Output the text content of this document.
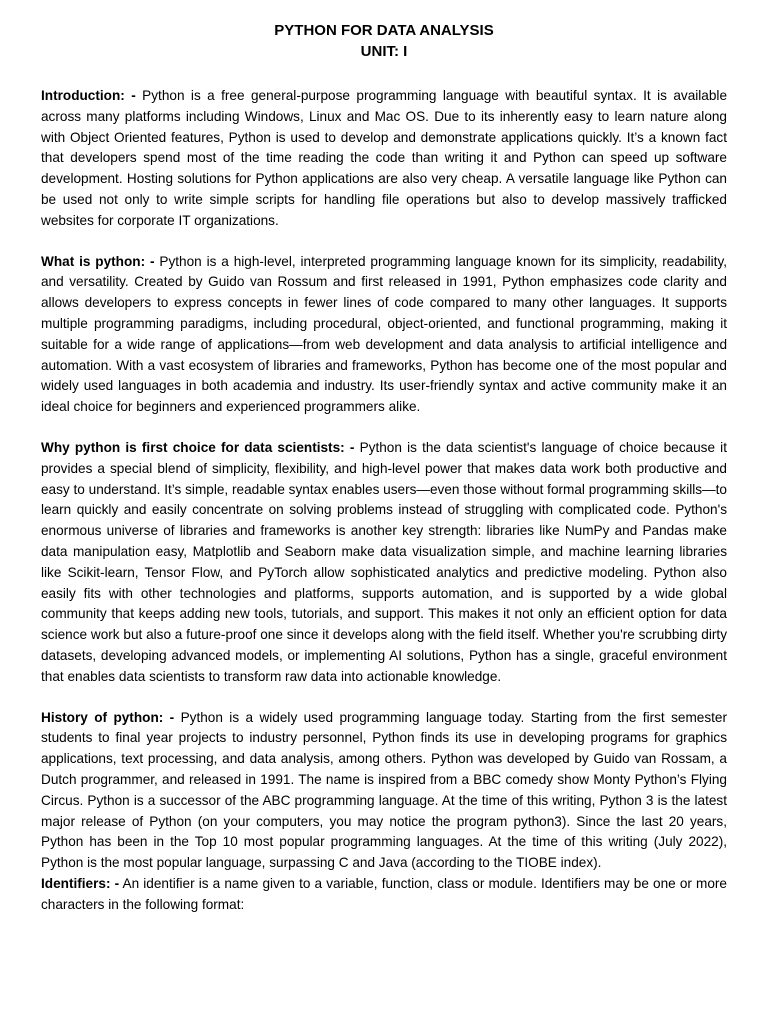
PYTHON FOR DATA ANALYSIS

UNIT: I

Introduction: - Python is a free general-purpose programming language with beautiful syntax. It is available across many platforms including Windows, Linux and Mac OS. Due to its inherently easy to learn nature along with Object Oriented features, Python is used to develop and demonstrate applications quickly. It’s a known fact that developers spend most of the time reading the code than writing it and Python can speed up software development. Hosting solutions for Python applications are also very cheap. A versatile language like Python can be used not only to write simple scripts for handling file operations but also to develop massively trafficked websites for corporate IT organizations.

What is python: - Python is a high-level, interpreted programming language known for its simplicity, readability, and versatility. Created by Guido van Rossum and first released in 1991, Python emphasizes code clarity and allows developers to express concepts in fewer lines of code compared to many other languages. It supports multiple programming paradigms, including procedural, object-oriented, and functional programming, making it suitable for a wide range of applications—from web development and data analysis to artificial intelligence and automation. With a vast ecosystem of libraries and frameworks, Python has become one of the most popular and widely used languages in both academia and industry. Its user-friendly syntax and active community make it an ideal choice for beginners and experienced programmers alike.

Why python is first choice for data scientists: - Python is the data scientist's language of choice because it provides a special blend of simplicity, flexibility, and high-level power that makes data work both productive and easy to understand. It’s simple, readable syntax enables users—even those without formal programming skills—to learn quickly and easily concentrate on solving problems instead of struggling with complicated code. Python's enormous universe of libraries and frameworks is another key strength: libraries like NumPy and Pandas make data manipulation easy, Matplotlib and Seaborn make data visualization simple, and machine learning libraries like Scikit-learn, Tensor Flow, and PyTorch allow sophisticated analytics and predictive modeling. Python also easily fits with other technologies and platforms, supports automation, and is supported by a wide global community that keeps adding new tools, tutorials, and support. This makes it not only an efficient option for data science work but also a future-proof one since it develops along with the field itself. Whether you're scrubbing dirty datasets, developing advanced models, or implementing AI solutions, Python has a single, graceful environment that enables data scientists to transform raw data into actionable knowledge.

History of python: - Python is a widely used programming language today. Starting from the first semester students to final year projects to industry personnel, Python finds its use in developing programs for graphics applications, text processing, and data analysis, among others. Python was developed by Guido van Rossam, a Dutch programmer, and released in 1991. The name is inspired from a BBC comedy show Monty Python’s Flying Circus. Python is a successor of the ABC programming language. At the time of this writing, Python 3 is the latest major release of Python (on your computers, you may notice the program python3). Since the last 20 years, Python has been in the Top 10 most popular programming languages. At the time of this writing (July 2022), Python is the most popular language, surpassing C and Java (according to the TIOBE index).

Identifiers: - An identifier is a name given to a variable, function, class or module. Identifiers may be one or more characters in the following format:
